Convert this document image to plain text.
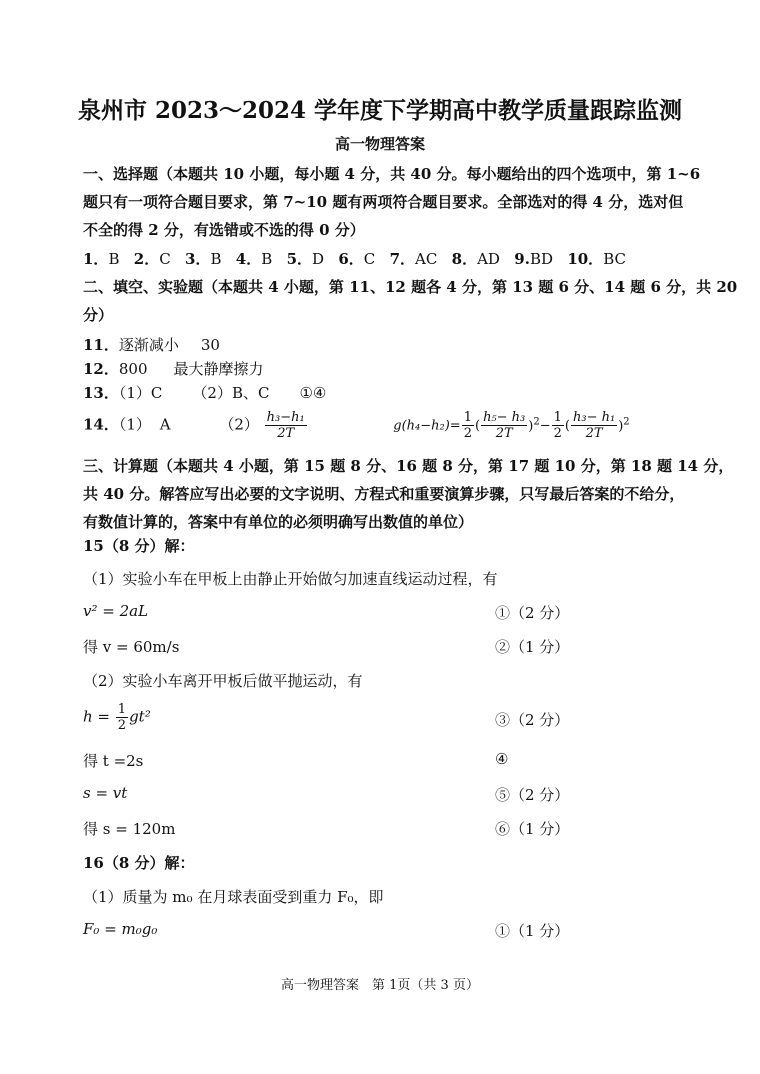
泉州市 2023～2024 学年度下学期高中教学质量跟踪监测
高一物理答案
一、选择题（本题共 10 小题，每小题 4 分，共 40 分。每小题给出的四个选项中，第 1~6
题只有一项符合题目要求，第 7~10 题有两项符合题目要求。全部选对的得 4 分，选对但
不全的得 2 分，有选错或不选的得 0 分）
1．B 2．C 3．B 4．B 5．D 6．C 7．AC 8．AD 9.BD 10．BC
二、填空、实验题（本题共 4 小题，第 11、12 题各 4 分，第 13 题 6 分、14 题 6 分，共 20
分）
11．逐渐减小 30
12．800 最大静摩擦力
13．（1）C （2）B、C ①④
14．（1） A	$(2) \frac{\text{h₃−h₁}}{2T}$	$g(h_4-h_2)= \frac{1}{2}$ ( $\frac{\text{h₅− h₃}}{2T} )^2- \frac{1}{2}$ ( $\frac{\text{h₃− h₁}}{2T} )^2$
三、计算题（本题共 4 小题，第 15 题 8 分、16 题 8 分，第 17 题 10 分，第 18 题 14 分，
共 40 分。解答应写出必要的文字说明、方程式和重要演算步骤，只写最后答案的不给分，
有数值计算的，答案中有单位的必须明确写出数值的单位）
15（8 分）解：
（1）实验小车在甲板上由静止开始做匀加速直线运动过程，有
v² = 2aL	①（2 分）
得 v = 60m/s	②（1 分）
（2）实验小车离开甲板后做平抛运动，有
$h = \frac{1}{2} gt^2$	③（2 分）
得 t =2s	④
s = vt	⑤（2 分）
得 s = 120m	⑥（1 分）
16（8 分）解：
（1）质量为 m₀ 在月球表面受到重力 F₀，即
F₀ = m₀g₀	①（1 分）
高一物理答案　第 1页（共 3 页）
